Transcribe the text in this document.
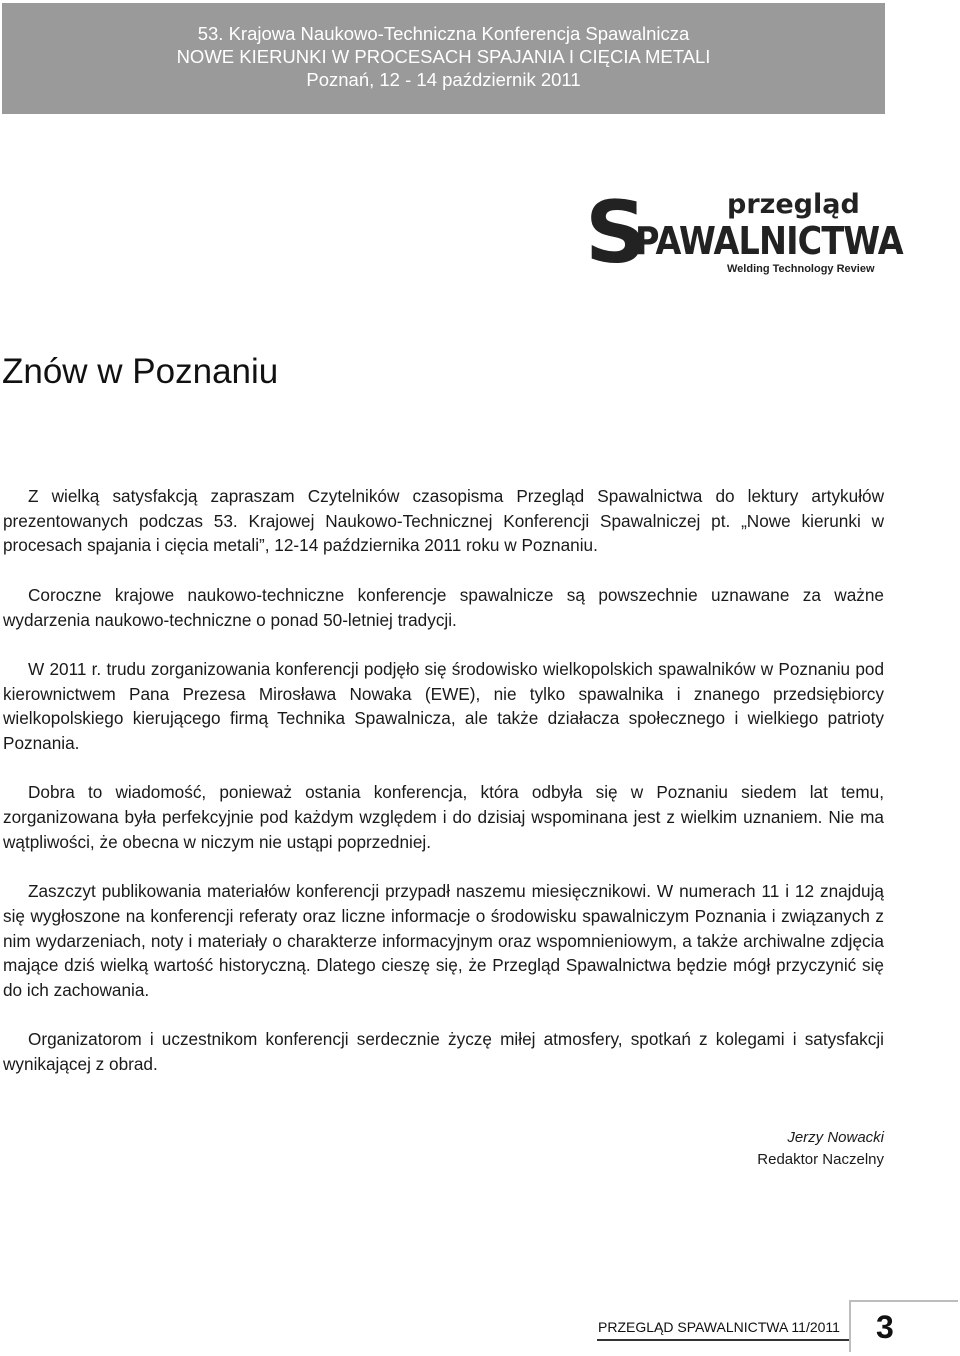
53. Krajowa Naukowo-Techniczna Konferencja Spawalnicza
NOWE KIERUNKI W PROCESACH SPAJANIA I CIĘCIA METALI
Poznań, 12 - 14 październik 2011
S	przegląd
PAWALNICTWA
Welding Technology Review
Znów w Poznaniu

Z wielką satysfakcją zapraszam Czytelników czasopisma Przegląd Spawalnictwa do lektury artykułów prezentowanych podczas 53. Krajowej Naukowo-Technicznej Konferencji Spawalniczej pt. „Nowe kierunki w procesach spajania i cięcia metali”, 12-14 października 2011 roku w Poznaniu.

Coroczne krajowe naukowo-techniczne konferencje spawalnicze są powszechnie uznawane za ważne wydarzenia naukowo-techniczne o ponad 50-letniej tradycji.

W 2011 r. trudu zorganizowania konferencji podjęło się środowisko wielkopolskich spawalników w Poznaniu pod kierownictwem Pana Prezesa Mirosława Nowaka (EWE), nie tylko spawalnika i znanego przedsiębiorcy wielkopolskiego kierującego firmą Technika Spawalnicza, ale także działacza społecznego i wielkiego patrioty Poznania.

Dobra to wiadomość, ponieważ ostania konferencja, która odbyła się w Poznaniu siedem lat temu, zorganizowana była perfekcyjnie pod każdym względem i do dzisiaj wspominana jest z wielkim uznaniem. Nie ma wątpliwości, że obecna w niczym nie ustąpi poprzedniej.

Zaszczyt publikowania materiałów konferencji przypadł naszemu miesięcznikowi. W numerach 11 i 12 znajdują się wygłoszone na konferencji referaty oraz liczne informacje o środowisku spawalniczym Poznania i związanych z nim wydarzeniach, noty i materiały o charakterze informacyjnym oraz wspomnieniowym, a także archiwalne zdjęcia mające dziś wielką wartość historyczną. Dlatego cieszę się, że Przegląd Spawalnictwa będzie mógł przyczynić się do ich zachowania.

Organizatorom i uczestnikom konferencji serdecznie życzę miłej atmosfery, spotkań z kolegami i satysfakcji wynikającej z obrad.

Jerzy Nowacki
Redaktor Naczelny
PRZEGLĄD SPAWALNICTWA 11/2011 3
